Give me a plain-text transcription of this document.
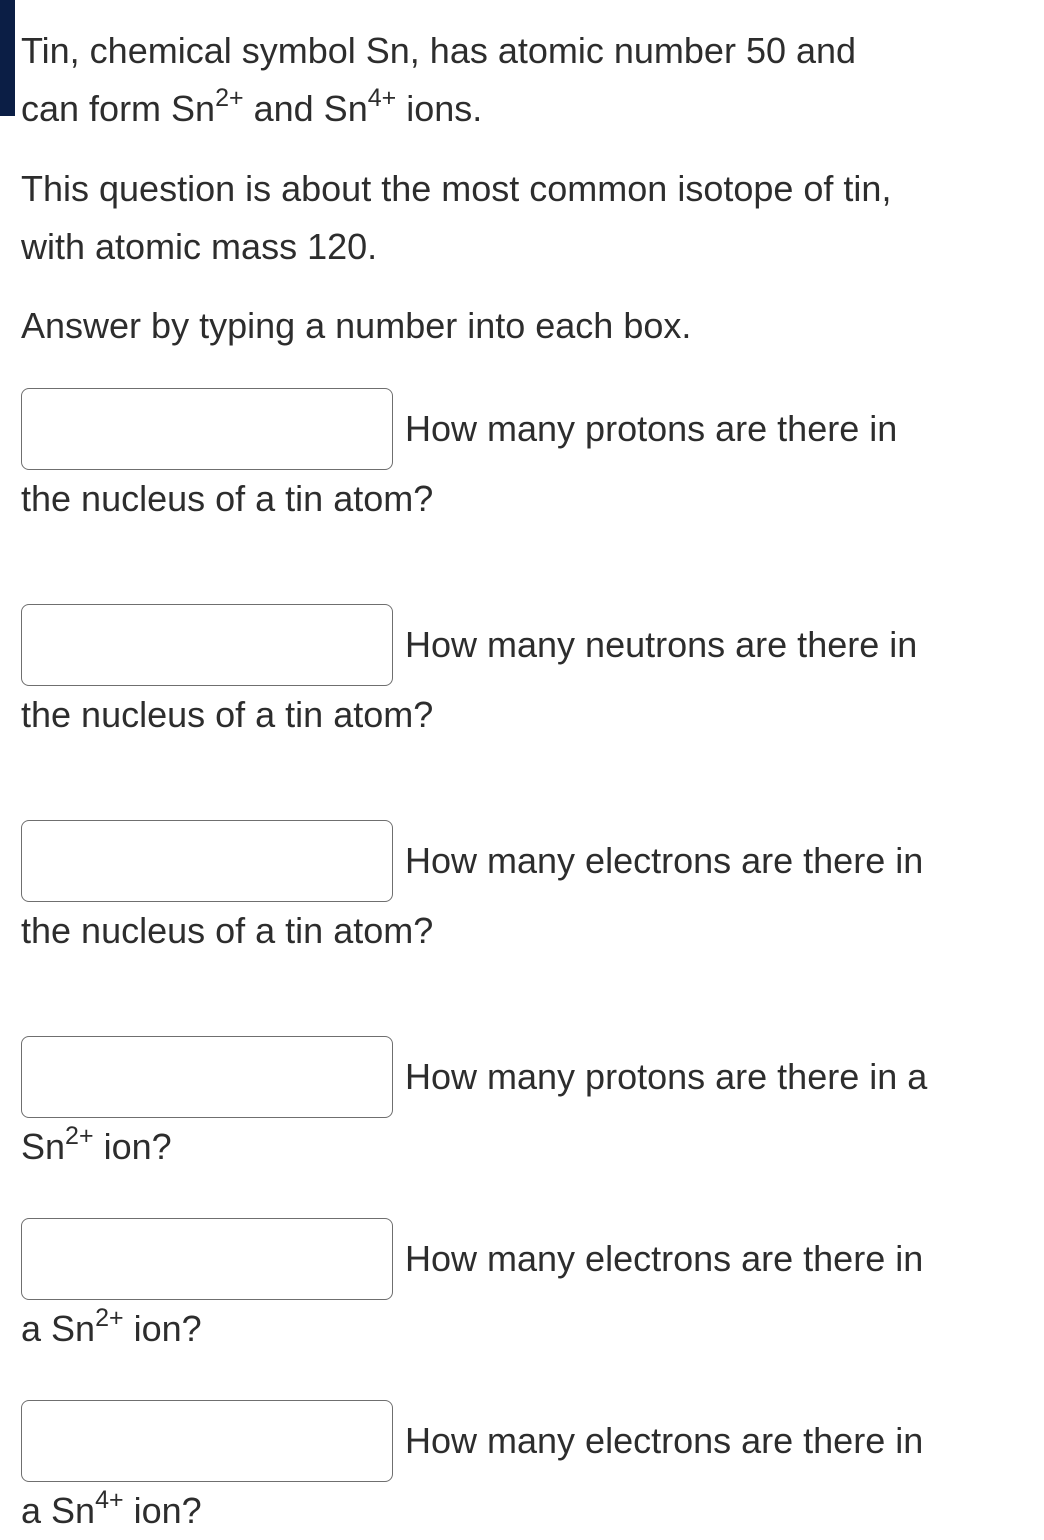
Tin, chemical symbol Sn, has atomic number 50 and
can form $Sn^{2+}$ and $Sn^{4+}$ ions.

This question is about the most common isotope of tin,
with atomic mass 120.

Answer by typing a number into each box.

How many protons are there in
the nucleus of a tin atom?
How many neutrons are there in
the nucleus of a tin atom?
How many electrons are there in
the nucleus of a tin atom?
How many protons are there in a
$Sn^{2+}$ ion?
How many electrons are there in
a $Sn^{2+}$ ion?
How many electrons are there in
a $Sn^{4+}$ ion?
